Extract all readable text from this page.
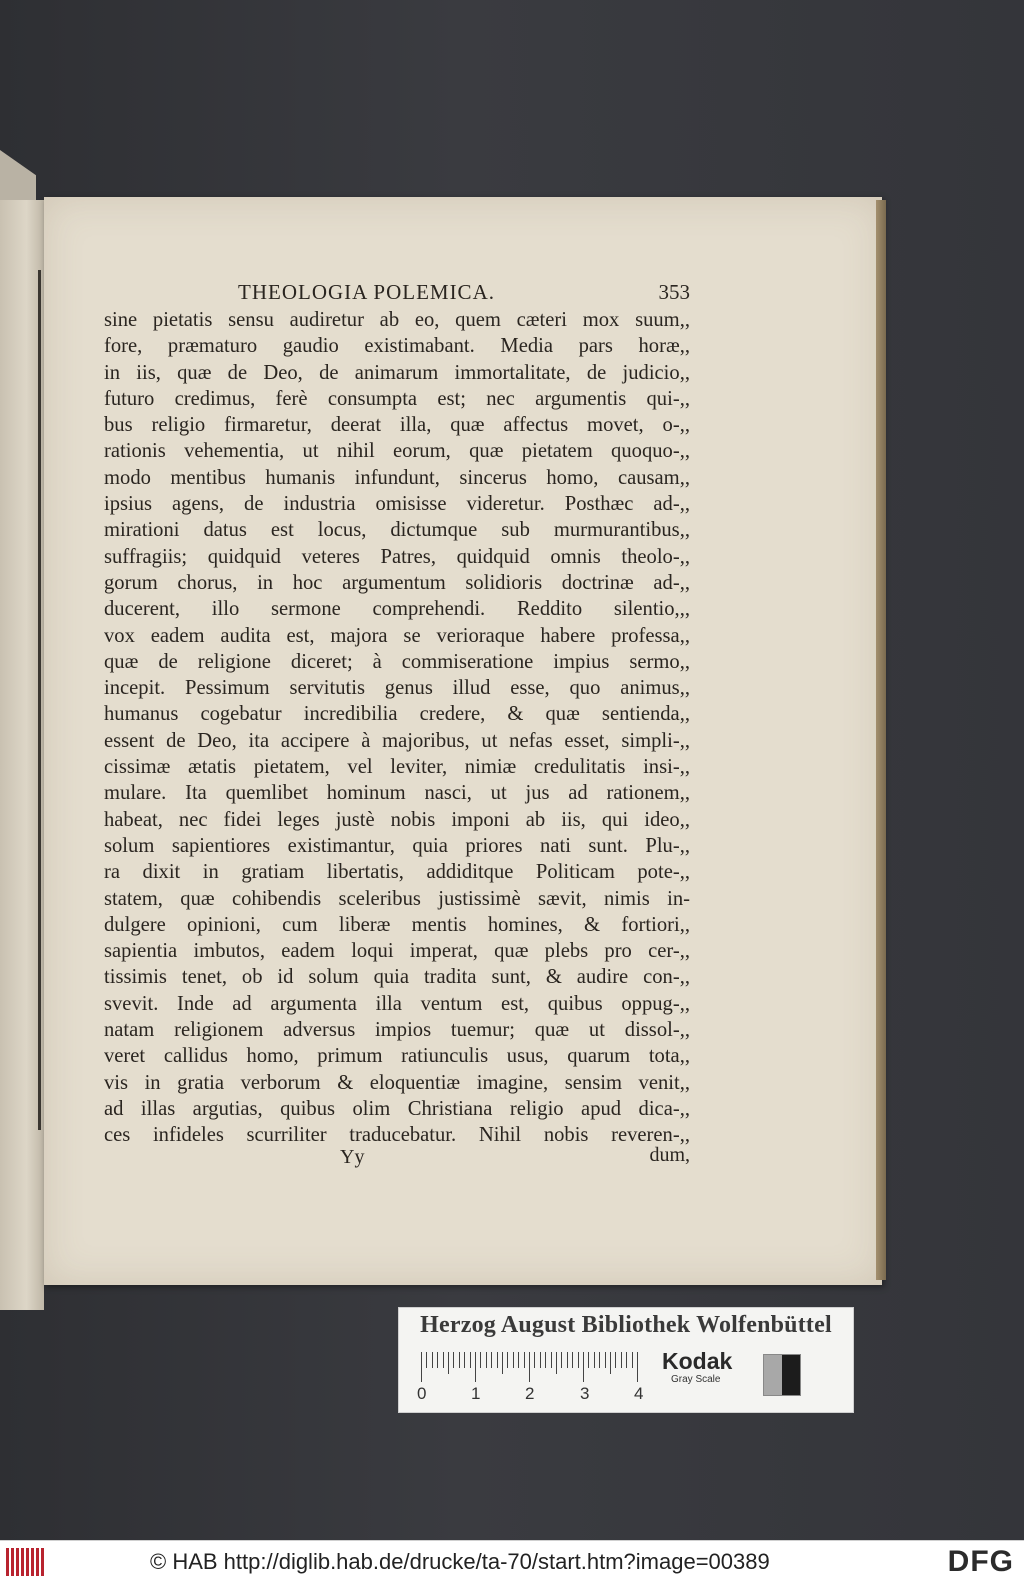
THEOLOGIA POLEMICA.	353
sine pietatis sensu audiretur ab eo, quem cæteri mox suum,,
fore, præmaturo gaudio existimabant. Media pars horæ,,
in iis, quæ de Deo, de animarum immortalitate, de judicio,,
futuro credimus, ferè consumpta est; nec argumentis qui-,,
bus religio firmaretur, deerat illa, quæ affectus movet, o-,,
rationis vehementia, ut nihil eorum, quæ pietatem quoquo-,,
modo mentibus humanis infundunt, sincerus homo, causam,,
ipsius agens, de industria omisisse videretur. Posthæc ad-,,
mirationi datus est locus, dictumque sub murmurantibus,,
suffragiis; quidquid veteres Patres, quidquid omnis theolo-,,
gorum chorus, in hoc argumentum solidioris doctrinæ ad-,,
ducerent, illo sermone comprehendi. Reddito silentio,,,
vox eadem audita est, majora se verioraque habere professa,,
quæ de religione diceret; à commiseratione impius sermo,,
incepit. Pessimum servitutis genus illud esse, quo animus,,
humanus cogebatur incredibilia credere, & quæ sentienda,,
essent de Deo, ita accipere à majoribus, ut nefas esset, simpli-,,
cissimæ ætatis pietatem, vel leviter, nimiæ credulitatis insi-,,
mulare. Ita quemlibet hominum nasci, ut jus ad rationem,,
habeat, nec fidei leges justè nobis imponi ab iis, qui ideo,,
solum sapientiores existimantur, quia priores nati sunt. Plu-,,
ra dixit in gratiam libertatis, addiditque Politicam pote-,,
statem, quæ cohibendis sceleribus justissimè sævit, nimis in-
dulgere opinioni, cum liberæ mentis homines, & fortiori,,
sapientia imbutos, eadem loqui imperat, quæ plebs pro cer-,,
tissimis tenet, ob id solum quia tradita sunt, & audire con-,,
svevit. Inde ad argumenta illa ventum est, quibus oppug-,,
natam religionem adversus impios tuemur; quæ ut dissol-,,
veret callidus homo, primum ratiunculis usus, quarum tota,,
vis in gratia verborum & eloquentiæ imagine, sensim venit,,
ad illas argutias, quibus olim Christiana religio apud dica-,,
ces infideles scurriliter traducebatur. Nihil nobis reveren-,,
Yy	dum,
Herzog August Bibliothek Wolfenbüttel
0	1	2	3	4
Kodak
Gray Scale
© HAB http://diglib.hab.de/drucke/ta-70/start.htm?image=00389	DFG
